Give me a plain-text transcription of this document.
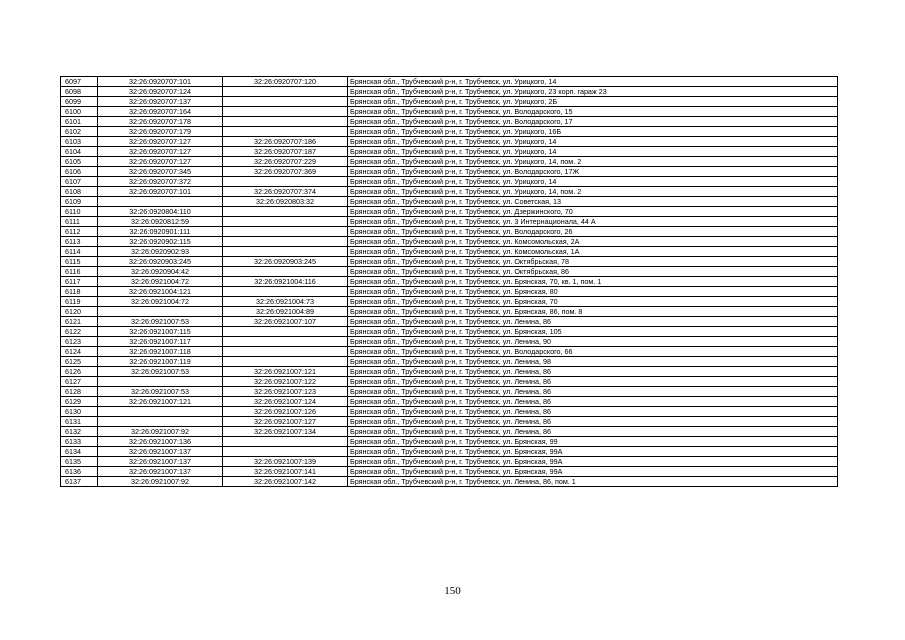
6097	32:26:0920707:101	32:26:0920707:120	Брянская обл., Трубчевский р-н, г. Трубчевск, ул. Урицкого, 14
6098	32:26:0920707:124		Брянская обл., Трубчевский р-н, г. Трубчевск, ул. Урицкого, 23 корп. гараж 23
6099	32:26:0920707:137		Брянская обл., Трубчевский р-н, г. Трубчевск, ул. Урицкого, 2Б
6100	32:26:0920707:164		Брянская обл., Трубчевский р-н, г. Трубчевск, ул. Володарского, 15
6101	32:26:0920707:178		Брянская обл., Трубчевский р-н, г. Трубчевск, ул. Володарского, 17
6102	32:26:0920707:179		Брянская обл., Трубчевский р-н, г. Трубчевск, ул. Урицкого, 16Б
6103	32:26:0920707:127	32:26:0920707:186	Брянская обл., Трубчевский р-н, г. Трубчевск, ул. Урицкого, 14
6104	32:26:0920707:127	32:26:0920707:187	Брянская обл., Трубчевский р-н, г. Трубчевск, ул. Урицкого, 14
6105	32:26:0920707:127	32:26:0920707:229	Брянская обл., Трубчевский р-н, г. Трубчевск, ул. Урицкого, 14, пом. 2
6106	32:26:0920707:345	32:26:0920707:369	Брянская обл., Трубчевский р-н, г. Трубчевск, ул. Володарского, 17Ж
6107	32:26:0920707:372		Брянская обл., Трубчевский р-н, г. Трубчевск, ул. Урицкого, 14
6108	32:26:0920707:101	32:26:0920707:374	Брянская обл., Трубчевский р-н, г. Трубчевск, ул. Урицкого, 14, пом. 2
6109		32:26:0920803:32	Брянская обл., Трубчевский р-н, г. Трубчевск, ул. Советская, 13
6110	32:26:0920804:110		Брянская обл., Трубчевский р-н, г. Трубчевск, ул. Дзержинского, 70
6111	32:26:0920812:59		Брянская обл., Трубчевский р-н, г. Трубчевск, ул. 3 Интернационала, 44 А
6112	32:26:0920901:111		Брянская обл., Трубчевский р-н, г. Трубчевск, ул. Володарского, 26
6113	32:26:0920902:115		Брянская обл., Трубчевский р-н, г. Трубчевск, ул. Комсомольская, 2А
6114	32:26:0920902:93		Брянская обл., Трубчевский р-н, г. Трубчевск, ул. Комсомольская, 1А
6115	32:26:0920903:245	32:26:0920903:245	Брянская обл., Трубчевский р-н, г. Трубчевск, ул. Октябрьская, 78
6116	32:26:0920904:42		Брянская обл., Трубчевский р-н, г. Трубчевск, ул. Октябрьская, 86
6117	32:26:0921004:72	32:26:0921004:116	Брянская обл., Трубчевский р-н, г. Трубчевск, ул. Брянская, 70, кв. 1, пом. 1
6118	32:26:0921004:121		Брянская обл., Трубчевский р-н, г. Трубчевск, ул. Брянская, 80
6119	32:26:0921004:72	32:26:0921004:73	Брянская обл., Трубчевский р-н, г. Трубчевск, ул. Брянская, 70
6120		32:26:0921004:89	Брянская обл., Трубчевский р-н, г. Трубчевск, ул. Брянская, 86, пом. 8
6121	32:26:0921007:53	32:26:0921007:107	Брянская обл., Трубчевский р-н, г. Трубчевск, ул. Ленина, 86
6122	32:26:0921007:115		Брянская обл., Трубчевский р-н, г. Трубчевск, ул. Брянская, 105
6123	32:26:0921007:117		Брянская обл., Трубчевский р-н, г. Трубчевск, ул. Ленина, 90
6124	32:26:0921007:118		Брянская обл., Трубчевский р-н, г. Трубчевск, ул. Володарского, 66
6125	32:26:0921007:119		Брянская обл., Трубчевский р-н, г. Трубчевск, ул. Ленина, 98
6126	32:26:0921007:53	32:26:0921007:121	Брянская обл., Трубчевский р-н, г. Трубчевск, ул. Ленина, 86
6127		32:26:0921007:122	Брянская обл., Трубчевский р-н, г. Трубчевск, ул. Ленина, 86
6128	32:26:0921007:53	32:26:0921007:123	Брянская обл., Трубчевский р-н, г. Трубчевск, ул. Ленина, 86
6129	32:26:0921007:121	32:26:0921007:124	Брянская обл., Трубчевский р-н, г. Трубчевск, ул. Ленина, 86
6130		32:26:0921007:126	Брянская обл., Трубчевский р-н, г. Трубчевск, ул. Ленина, 86
6131		32:26:0921007:127	Брянская обл., Трубчевский р-н, г. Трубчевск, ул. Ленина, 86
6132	32:26:0921007:92	32:26:0921007:134	Брянская обл., Трубчевский р-н, г. Трубчевск, ул. Ленина, 86
6133	32:26:0921007:136		Брянская обл., Трубчевский р-н, г. Трубчевск, ул. Брянская, 99
6134	32:26:0921007:137		Брянская обл., Трубчевский р-н, г. Трубчевск, ул. Брянская, 99А
6135	32:26:0921007:137	32:26:0921007:139	Брянская обл., Трубчевский р-н, г. Трубчевск, ул. Брянская, 99А
6136	32:26:0921007:137	32:26:0921007:141	Брянская обл., Трубчевский р-н, г. Трубчевск, ул. Брянская, 99А
6137	32:26:0921007:92	32:26:0921007:142	Брянская обл., Трубчевский р-н, г. Трубчевск, ул. Ленина, 86, пом. 1
150
